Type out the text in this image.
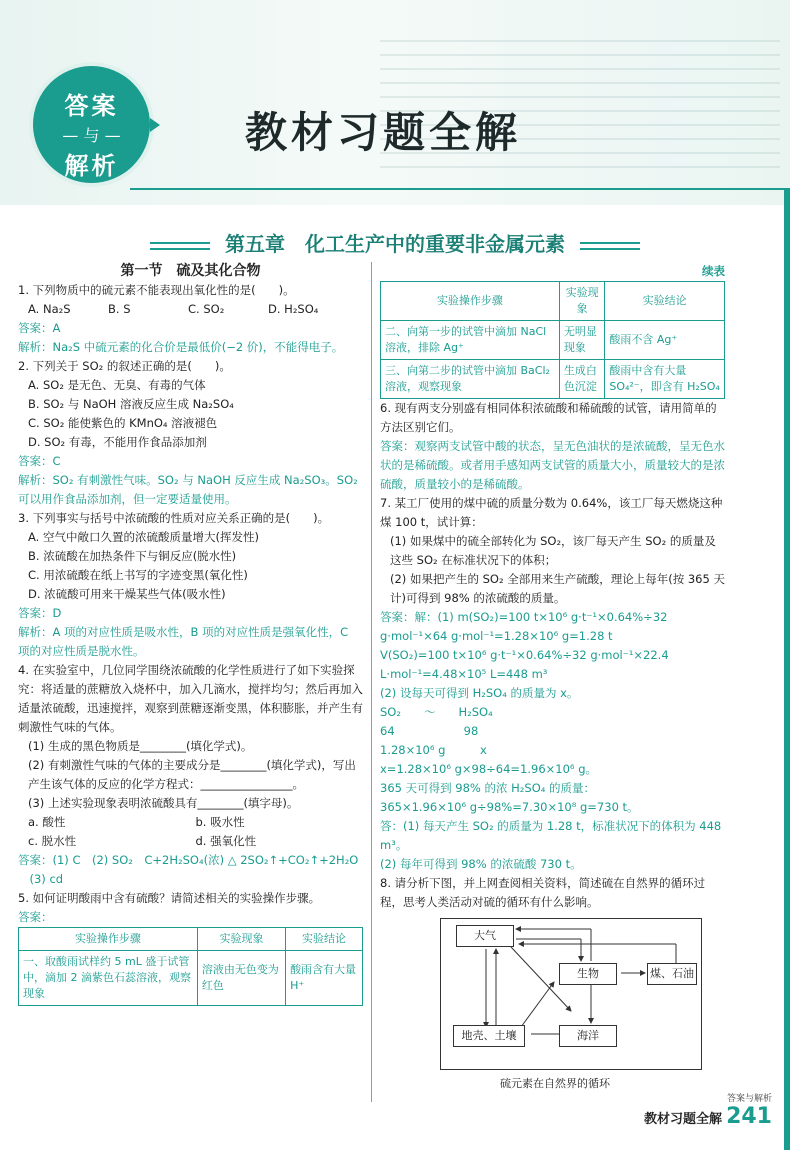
答案
— 与 —
解析
教材习题全解
第五章　化工生产中的重要非金属元素

第一节　硫及其化合物

1. 下列物质中的硫元素不能表现出氧化性的是(　　)。

A. Na₂S	B. S	C. SO₂	D. H₂SO₄

答案：A

解析：Na₂S 中硫元素的化合价是最低价(−2 价)，不能得电子。

2. 下列关于 SO₂ 的叙述正确的是(　　)。

A. SO₂ 是无色、无臭、有毒的气体

B. SO₂ 与 NaOH 溶液反应生成 Na₂SO₄

C. SO₂ 能使紫色的 KMnO₄ 溶液褪色

D. SO₂ 有毒，不能用作食品添加剂

答案：C

解析：SO₂ 有刺激性气味。SO₂ 与 NaOH 反应生成 Na₂SO₃。SO₂ 可以用作食品添加剂，但一定要适量使用。

3. 下列事实与括号中浓硫酸的性质对应关系正确的是(　　)。

A. 空气中敞口久置的浓硫酸质量增大(挥发性)

B. 浓硫酸在加热条件下与铜反应(脱水性)

C. 用浓硫酸在纸上书写的字迹变黑(氧化性)

D. 浓硫酸可用来干燥某些气体(吸水性)

答案：D

解析：A 项的对应性质是吸水性，B 项的对应性质是强氧化性，C 项的对应性质是脱水性。

4. 在实验室中，几位同学围绕浓硫酸的化学性质进行了如下实验探究：将适量的蔗糖放入烧杯中，加入几滴水，搅拌均匀；然后再加入适量浓硫酸，迅速搅拌，观察到蔗糖逐渐变黑，体积膨胀，并产生有刺激性气味的气体。

(1) 生成的黑色物质是________(填化学式)。

(2) 有刺激性气味的气体的主要成分是________(填化学式)，写出产生该气体的反应的化学方程式：________________。

(3) 上述实验现象表明浓硫酸具有________(填字母)。

a. 酸性	b. 吸水性
c. 脱水性	d. 强氧化性

答案：(1) C　(2) SO₂　C+2H₂SO₄(浓) △ 2SO₂↑+CO₂↑+2H₂O

　(3) cd

5. 如何证明酸雨中含有硫酸？请简述相关的实验操作步骤。

答案：

实验操作步骤	实验现象	实验结论
一、取酸雨试样约 5 mL 盛于试管中，滴加 2 滴紫色石蕊溶液，观察现象	溶液由无色变为红色	酸雨含有大量 H⁺

续表

实验操作步骤	实验现象	实验结论
二、向第一步的试管中滴加 NaCl 溶液，排除 Ag⁺	无明显现象	酸雨不含 Ag⁺
三、向第二步的试管中滴加 BaCl₂ 溶液，观察现象	生成白色沉淀	酸雨中含有大量 SO₄²⁻，即含有 H₂SO₄

6. 现有两支分别盛有相同体积浓硫酸和稀硫酸的试管，请用简单的方法区别它们。

答案：观察两支试管中酸的状态，呈无色油状的是浓硫酸，呈无色水状的是稀硫酸。或者用手感知两支试管的质量大小，质量较大的是浓硫酸，质量较小的是稀硫酸。

7. 某工厂使用的煤中硫的质量分数为 0.64%，该工厂每天燃烧这种煤 100 t，试计算：

(1) 如果煤中的硫全部转化为 SO₂，该厂每天产生 SO₂ 的质量及这些 SO₂ 在标准状况下的体积；

(2) 如果把产生的 SO₂ 全部用来生产硫酸，理论上每年(按 365 天计)可得到 98% 的浓硫酸的质量。

答案：解：(1) m(SO₂)=100 t×10⁶ g·t⁻¹×0.64%÷32 g·mol⁻¹×64 g·mol⁻¹=1.28×10⁶ g=1.28 t

V(SO₂)=100 t×10⁶ g·t⁻¹×0.64%÷32 g·mol⁻¹×22.4 L·mol⁻¹=4.48×10⁵ L=448 m³

(2) 设每天可得到 H₂SO₄ 的质量为 x。

SO₂　　～　　H₂SO₄

64　　　　　　98

1.28×10⁶ g　　　x

x=1.28×10⁶ g×98÷64=1.96×10⁶ g。

365 天可得到 98% 的浓 H₂SO₄ 的质量：

365×1.96×10⁶ g÷98%=7.30×10⁸ g=730 t。

答：(1) 每天产生 SO₂ 的质量为 1.28 t，标准状况下的体积为 448 m³。

(2) 每年可得到 98% 的浓硫酸 730 t。

8. 请分析下图，并上网查阅相关资料，简述硫在自然界的循环过程，思考人类活动对硫的循环有什么影响。

大气
生物	煤、石油
地壳、土壤	海洋

硫元素在自然界的循环

答案与解析
教材习题全解 241
